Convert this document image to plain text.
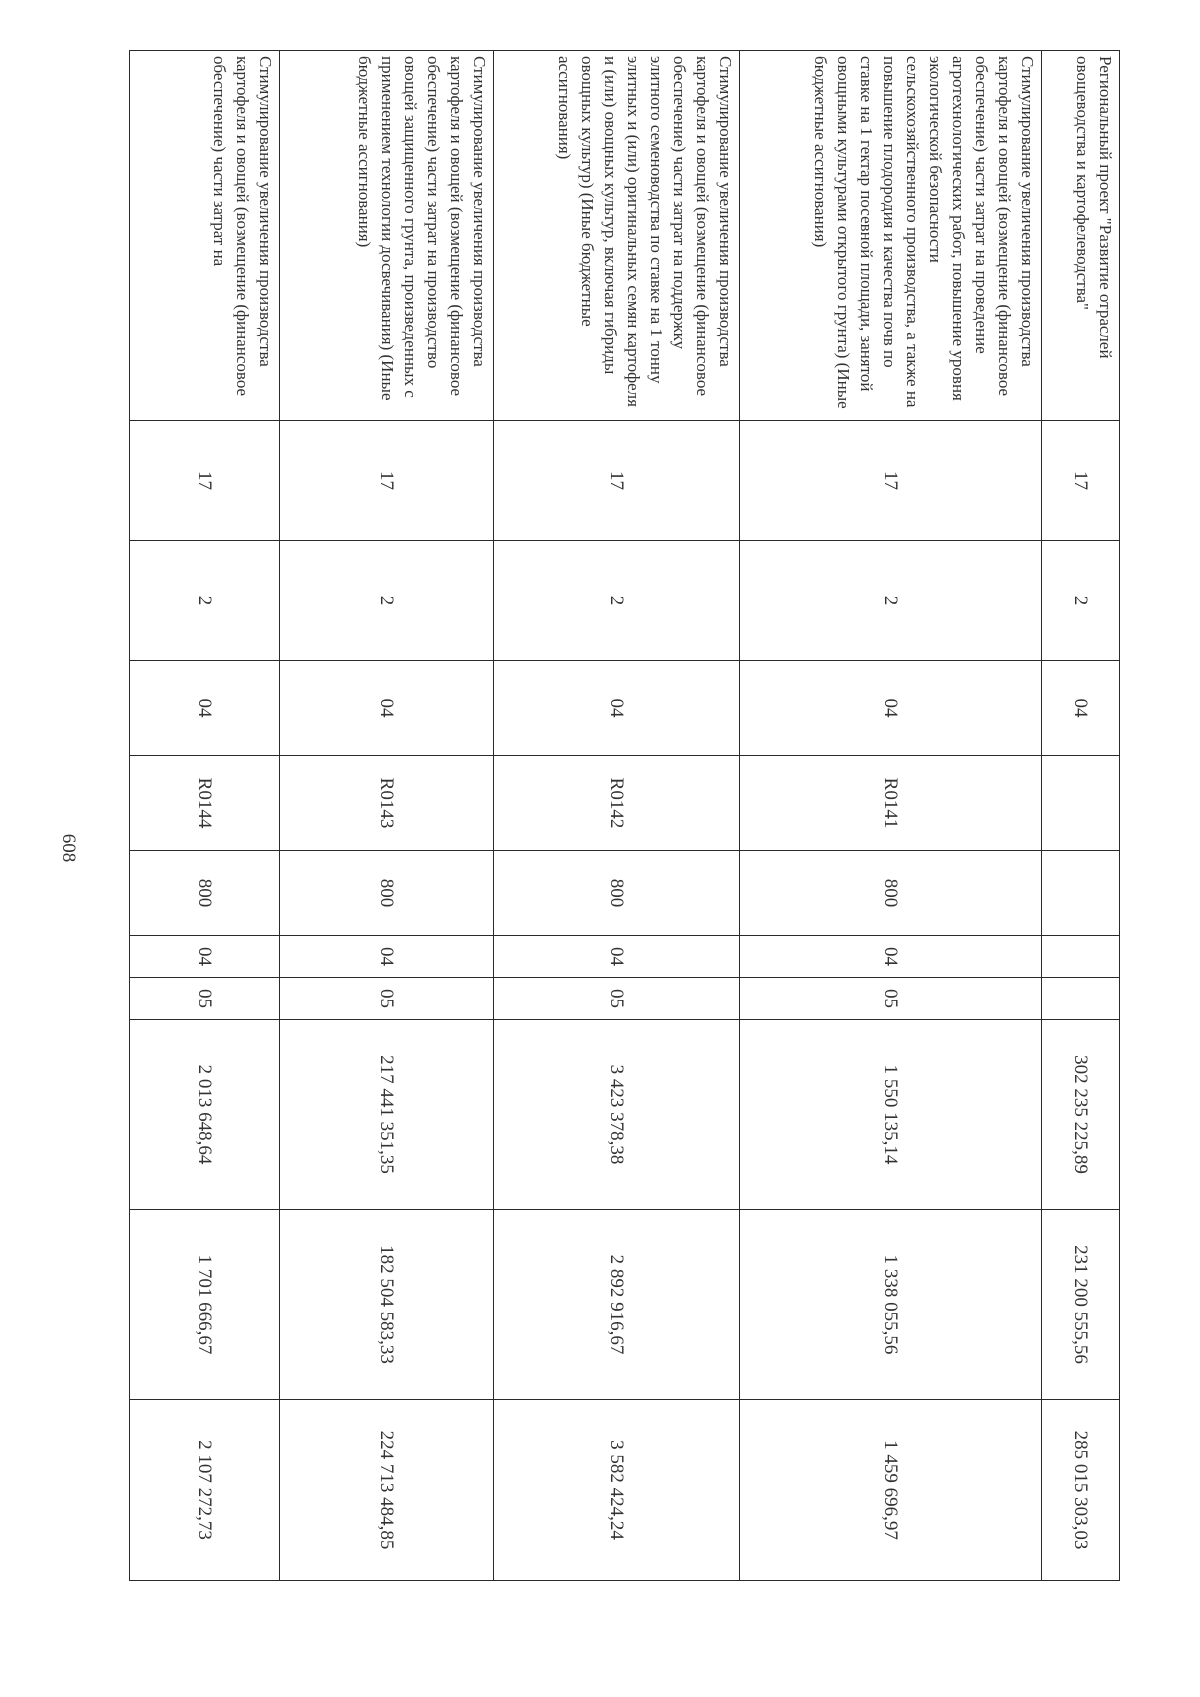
608
Региональный проект "Развитие отраслей овощеводства и картофелеводства"	17	2	04					302 235 225,89	231 200 555,56	285 015 303,03
Стимулирование увеличения производства картофеля и овощей (возмещение (финансовое обеспечение) части затрат на проведение агротехнологических работ, повышение уровня экологической безопасности сельскохозяйственного производства, а также на повышение плодородия и качества почв по ставке на 1 гектар посевной площади, занятой овощными культурами открытого грунта) (Иные бюджетные ассигнования)	17	2	04	R0141	800	04	05	1 550 135,14	1 338 055,56	1 459 696,97
Стимулирование увеличения производства картофеля и овощей (возмещение (финансовое обеспечение) части затрат на поддержку элитного семеноводства по ставке на 1 тонну элитных и (или) оригинальных семян картофеля и (или) овощных культур, включая гибриды овощных культур) (Иные бюджетные ассигнования)	17	2	04	R0142	800	04	05	3 423 378,38	2 892 916,67	3 582 424,24
Стимулирование увеличения производства картофеля и овощей (возмещение (финансовое обеспечение) части затрат на производство овощей защищенного грунта, произведенных с применением технологии досвечивания) (Иные бюджетные ассигнования)	17	2	04	R0143	800	04	05	217 441 351,35	182 504 583,33	224 713 484,85
Стимулирование увеличения производства картофеля и овощей (возмещение (финансовое обеспечение) части затрат на	17	2	04	R0144	800	04	05	2 013 648,64	1 701 666,67	2 107 272,73
